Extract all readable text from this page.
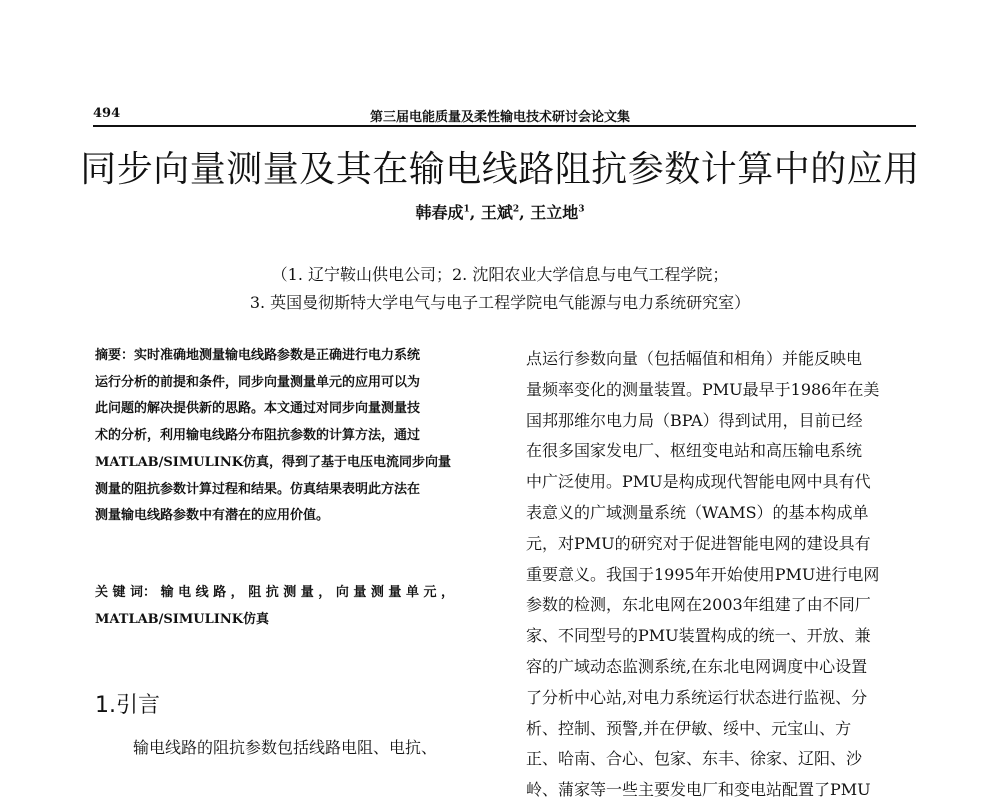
494	第三届电能质量及柔性输电技术研讨会论文集
同步向量测量及其在输电线路阻抗参数计算中的应用
韩春成$^1$, 王斌$^2$, 王立地$^3$
（1. 辽宁鞍山供电公司；2. 沈阳农业大学信息与电气工程学院；
3. 英国曼彻斯特大学电气与电子工程学院电气能源与电力系统研究室）
摘要：实时准确地测量输电线路参数是正确进行电力系统
运行分析的前提和条件，同步向量测量单元的应用可以为
此问题的解决提供新的思路。本文通过对同步向量测量技
术的分析，利用输电线路分布阻抗参数的计算方法，通过
MATLAB/SIMULINK仿真，得到了基于电压电流同步向量
测量的阻抗参数计算过程和结果。仿真结果表明此方法在
测量输电线路参数中有潜在的应用价值。
关 键 词： 输 电 线 路 ， 阻 抗 测 量 ， 向 量 测 量 单 元 ，
MATLAB/SIMULINK仿真
1.引言
输电线路的阻抗参数包括线路电阻、电抗、
点运行参数向量（包括幅值和相角）并能反映电
量频率变化的测量装置。PMU最早于1986年在美
国邦那维尔电力局（BPA）得到试用，目前已经
在很多国家发电厂、枢纽变电站和高压输电系统
中广泛使用。PMU是构成现代智能电网中具有代
表意义的广域测量系统（WAMS）的基本构成单
元，对PMU的研究对于促进智能电网的建设具有
重要意义。我国于1995年开始使用PMU进行电网
参数的检测，东北电网在2003年组建了由不同厂
家、不同型号的PMU装置构成的统一、开放、兼
容的广域动态监测系统,在东北电网调度中心设置
了分析中心站,对电力系统运行状态进行监视、分
析、控制、预警,并在伊敏、绥中、元宝山、方
正、哈南、合心、包家、东丰、徐家、辽阳、沙
岭、蒲家等一些主要发电厂和变电站配置了PMU
